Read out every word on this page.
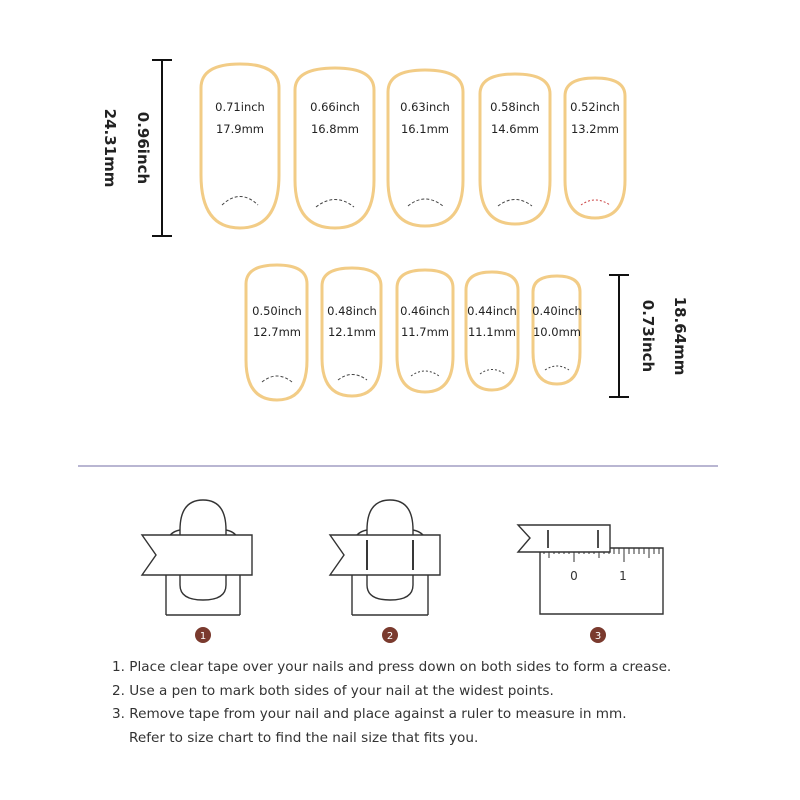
0.71inch
17.9mm
0.66inch
16.8mm
0.63inch
16.1mm
0.58inch
14.6mm
0.52inch
13.2mm
0.96inch
24.31mm
0.50inch
12.7mm
0.48inch
12.1mm
0.46inch
11.7mm
0.44inch
11.1mm
0.40inch
10.0mm	0.73inch 18.64mm
1	2
0	1
3
1. Place clear tape over your nails and press down on both sides to form a crease.
2. Use a pen to mark both sides of your nail at the widest points.
3. Remove tape from your nail and place against a ruler to measure in mm.
Refer to size chart to find the nail size that fits you.
